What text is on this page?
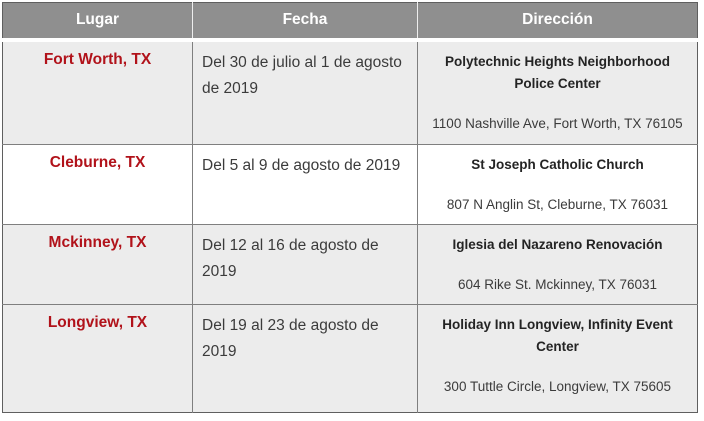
Lugar	Fecha	Dirección
Fort Worth, TX	Del 30 de julio al 1 de agosto de 2019	Polytechnic Heights Neighborhood Police Center
1100 Nashville Ave, Fort Worth, TX 76105

Cleburne, TX	Del 5 al 9 de agosto de 2019	St Joseph Catholic Church
807 N Anglin St, Cleburne, TX 76031

Mckinney, TX	Del 12 al 16 de agosto de 2019	Iglesia del Nazareno Renovación
604 Rike St. Mckinney, TX 76031

Longview, TX	Del 19 al 23 de agosto de 2019	Holiday Inn Longview, Infinity Event Center
300 Tuttle Circle, Longview, TX 75605
